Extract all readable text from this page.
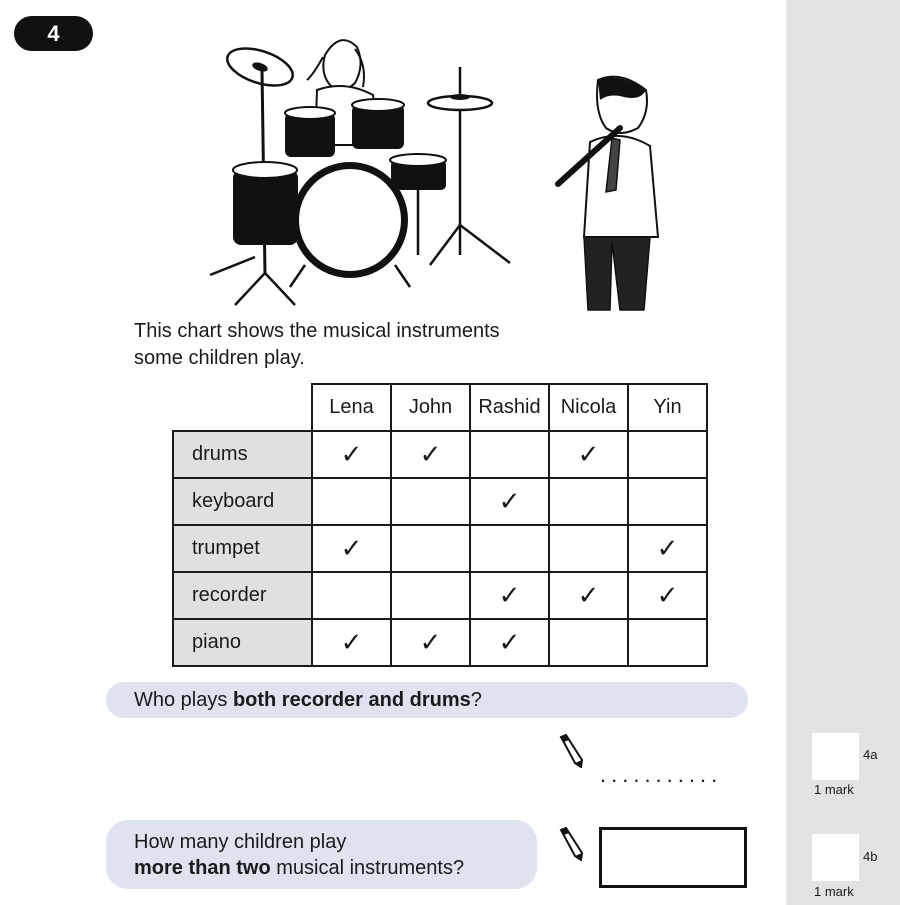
4a
1 mark
4b
1 mark
4
This chart shows the musical instruments
some children play.
	Lena	John	Rashid	Nicola	Yin
drums	✓	✓		✓	
keyboard			✓		
trumpet	✓				✓
recorder			✓	✓	✓
piano	✓	✓	✓		
Who plays both recorder and drums?
...........
How many children play
more than two musical instruments?
